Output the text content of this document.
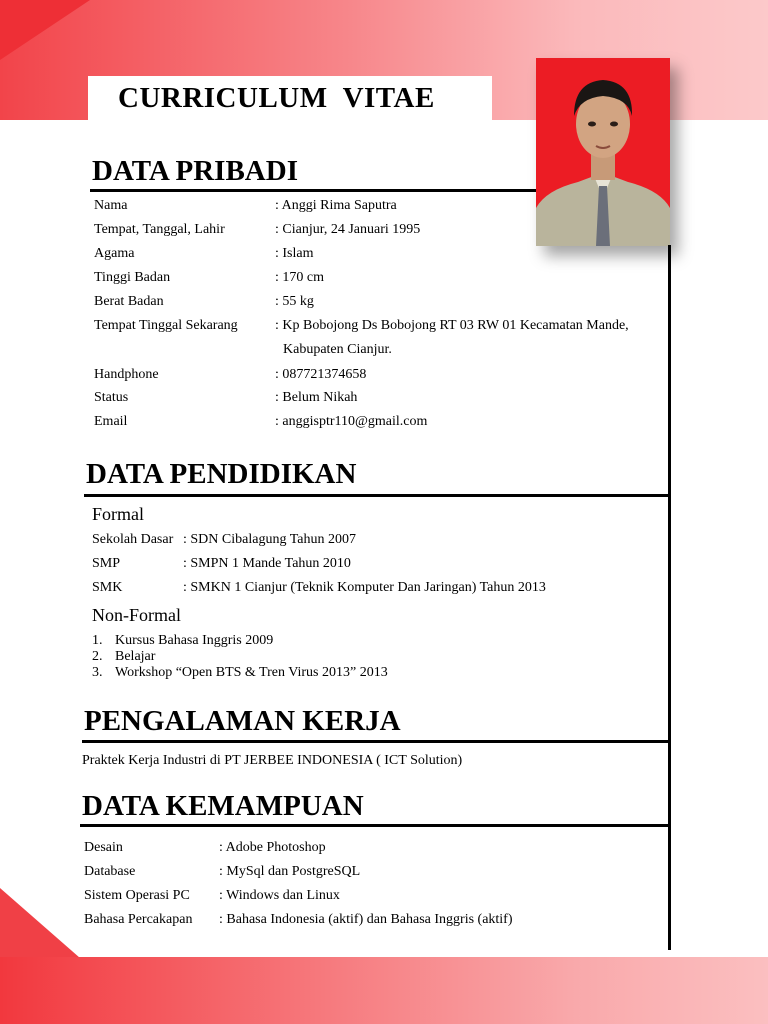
CURRICULUM  VITAE
DATA PRIBADI
Nama	: Anggi Rima Saputra
Tempat, Tanggal, Lahir	: Cianjur, 24 Januari 1995
Agama	: Islam
Tinggi Badan	: 170 cm
Berat Badan	: 55 kg
Tempat Tinggal Sekarang	: Kp Bobojong Ds Bobojong RT 03 RW 01 Kecamatan Mande,
Kabupaten Cianjur.
Handphone	: 087721374658
Status	: Belum Nikah
Email	: anggisptr110@gmail.com
DATA PENDIDIKAN
Formal
Sekolah Dasar : SDN Cibalagung Tahun 2007
SMP	: SMPN 1 Mande Tahun 2010
SMK	: SMKN 1 Cianjur (Teknik Komputer Dan Jaringan) Tahun 2013
Non-Formal
1. Kursus Bahasa Inggris 2009
2. Belajar
3. Workshop “Open BTS & Tren Virus 2013” 2013
PENGALAMAN KERJA
Praktek Kerja Industri di PT JERBEE INDONESIA ( ICT Solution)
DATA KEMAMPUAN
Desain	: Adobe Photoshop
Database	: MySql dan PostgreSQL
Sistem Operasi PC : Windows dan Linux
Bahasa Percakapan : Bahasa Indonesia (aktif) dan Bahasa Inggris (aktif)
